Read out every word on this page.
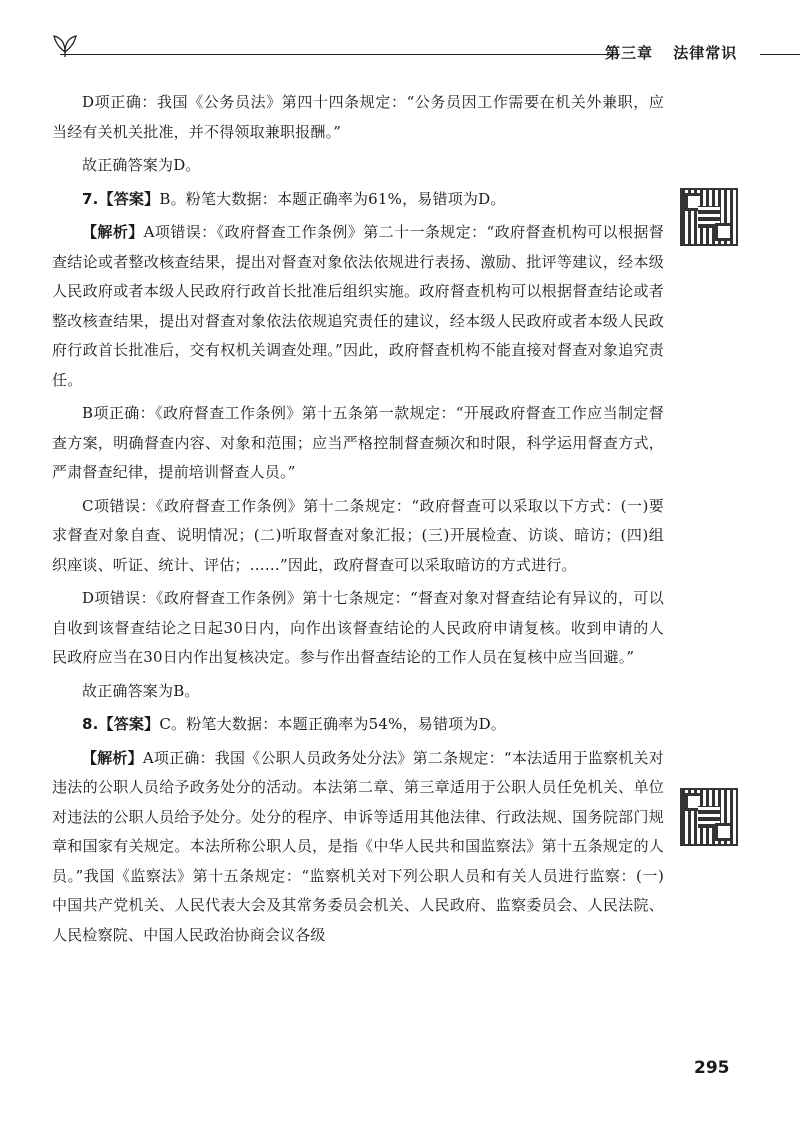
第三章 法律常识

D项正确：我国《公务员法》第四十四条规定：“公务员因工作需要在机关外兼职，应当经有关机关批准，并不得领取兼职报酬。”

故正确答案为D。

7.【答案】B。粉笔大数据：本题正确率为61%，易错项为D。

【解析】A项错误：《政府督查工作条例》第二十一条规定：“政府督查机构可以根据督查结论或者整改核查结果，提出对督查对象依法依规进行表扬、激励、批评等建议，经本级人民政府或者本级人民政府行政首长批准后组织实施。政府督查机构可以根据督查结论或者整改核查结果，提出对督查对象依法依规追究责任的建议，经本级人民政府或者本级人民政府行政首长批准后，交有权机关调查处理。”因此，政府督查机构不能直接对督查对象追究责任。

B项正确：《政府督查工作条例》第十五条第一款规定：“开展政府督查工作应当制定督查方案，明确督查内容、对象和范围；应当严格控制督查频次和时限，科学运用督查方式，严肃督查纪律，提前培训督查人员。”

C项错误：《政府督查工作条例》第十二条规定：“政府督查可以采取以下方式：(一)要求督查对象自查、说明情况；(二)听取督查对象汇报；(三)开展检查、访谈、暗访；(四)组织座谈、听证、统计、评估；……”因此，政府督查可以采取暗访的方式进行。

D项错误：《政府督查工作条例》第十七条规定：“督查对象对督查结论有异议的，可以自收到该督查结论之日起30日内，向作出该督查结论的人民政府申请复核。收到申请的人民政府应当在30日内作出复核决定。参与作出督查结论的工作人员在复核中应当回避。”

故正确答案为B。

8.【答案】C。粉笔大数据：本题正确率为54%，易错项为D。

【解析】A项正确：我国《公职人员政务处分法》第二条规定：“本法适用于监察机关对违法的公职人员给予政务处分的活动。本法第二章、第三章适用于公职人员任免机关、单位对违法的公职人员给予处分。处分的程序、申诉等适用其他法律、行政法规、国务院部门规章和国家有关规定。本法所称公职人员，是指《中华人民共和国监察法》第十五条规定的人员。”我国《监察法》第十五条规定：“监察机关对下列公职人员和有关人员进行监察：(一)中国共产党机关、人民代表大会及其常务委员会机关、人民政府、监察委员会、人民法院、人民检察院、中国人民政治协商会议各级

295
